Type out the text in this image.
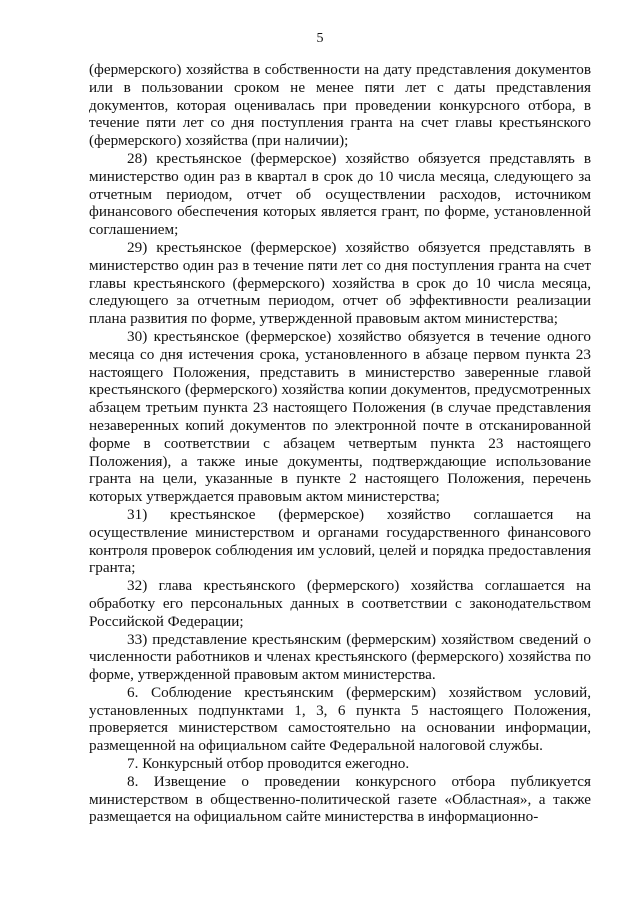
5

(фермерского) хозяйства в собственности на дату представления документов или в пользовании сроком не менее пяти лет с даты представления документов, которая оценивалась при проведении конкурсного отбора, в течение пяти лет со дня поступления гранта на счет главы крестьянского (фермерского) хозяйства (при наличии);

28) крестьянское (фермерское) хозяйство обязуется представлять в министерство один раз в квартал в срок до 10 числа месяца, следующего за отчетным периодом, отчет об осуществлении расходов, источником финансового обеспечения которых является грант, по форме, установленной соглашением;

29) крестьянское (фермерское) хозяйство обязуется представлять в министерство один раз в течение пяти лет со дня поступления гранта на счет главы крестьянского (фермерского) хозяйства в срок до 10 числа месяца, следующего за отчетным периодом, отчет об эффективности реализации плана развития по форме, утвержденной правовым актом министерства;

30) крестьянское (фермерское) хозяйство обязуется в течение одного месяца со дня истечения срока, установленного в абзаце первом пункта 23 настоящего Положения, представить в министерство заверенные главой крестьянского (фермерского) хозяйства копии документов, предусмотренных абзацем третьим пункта 23 настоящего Положения (в случае представления незаверенных копий документов по электронной почте в отсканированной форме в соответствии с абзацем четвертым пункта 23 настоящего Положения), а также иные документы, подтверждающие использование гранта на цели, указанные в пункте 2 настоящего Положения, перечень которых утверждается правовым актом министерства;

31) крестьянское (фермерское) хозяйство соглашается на осуществление министерством и органами государственного финансового контроля проверок соблюдения им условий, целей и порядка предоставления гранта;

32) глава крестьянского (фермерского) хозяйства соглашается на обработку его персональных данных в соответствии с законодательством Российской Федерации;

33) представление крестьянским (фермерским) хозяйством сведений о численности работников и членах крестьянского (фермерского) хозяйства по форме, утвержденной правовым актом министерства.

6. Соблюдение крестьянским (фермерским) хозяйством условий, установленных подпунктами 1, 3, 6 пункта 5 настоящего Положения, проверяется министерством самостоятельно на основании информации, размещенной на официальном сайте Федеральной налоговой службы.

7. Конкурсный отбор проводится ежегодно.

8. Извещение о проведении конкурсного отбора публикуется министерством в общественно-политической газете «Областная», а также размещается на официальном сайте министерства в информационно-
